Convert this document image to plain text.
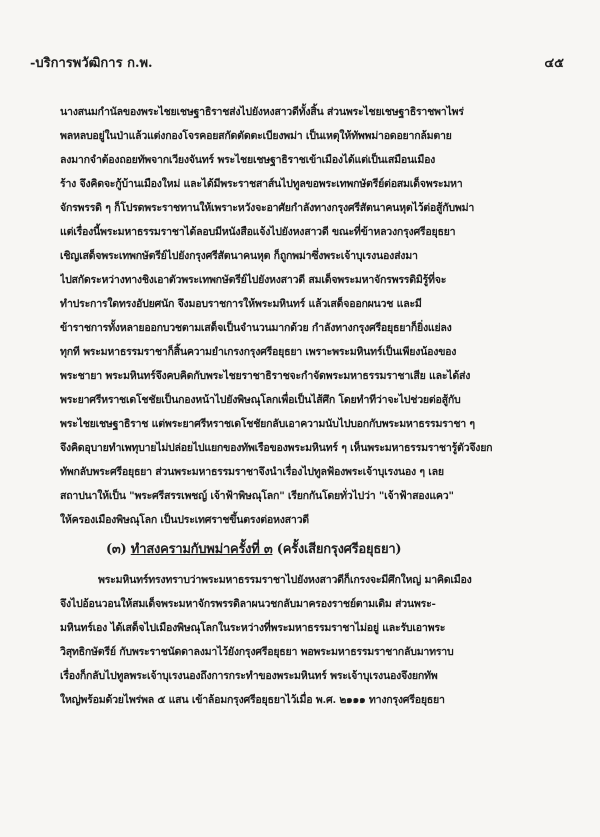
-บริการพวัฒิการ ก.พ.	๔๕
นางสนมกำนัลของพระไชยเชษฐาธิราชส่งไปยังหงสาวดีทั้งสิ้น ส่วนพระไชยเชษฐาธิราชพาไพร่
พลหลบอยู่ในป่าแล้วแต่งกองโจรคอยสกัดตัดตะเบียงพม่า เป็นเหตุให้ทัพพม่าอดอยากล้มตาย
ลงมากจำต้องถอยทัพจากเวียงจันทร์ พระไชยเชษฐาธิราชเข้าเมืองได้แต่เป็นเสมือนเมือง
ร้าง จึงคิดจะกู้บ้านเมืองใหม่ และได้มีพระราชสาส์นไปทูลขอพระเทพกษัตรีย์ต่อสมเด็จพระมหา
จักรพรรดิ ๆ ก็โปรดพระราชทานให้เพราะหวังจะอาศัยกำลังทางกรุงศรีสัตนาคนหุตไว้ต่อสู้กับพม่า
แต่เรื่องนี้พระมหาธรรมราชาได้ลอบมีหนังสือแจ้งไปยังหงสาวดี ขณะที่ข้าหลวงกรุงศรีอยุธยา
เชิญเสด็จพระเทพกษัตรีย์ไปยังกรุงศรีสัตนาคนหุต ก็ถูกพม่าซึ่งพระเจ้าบุเรงนองส่งมา
ไปสกัดระหว่างทางชิงเอาตัวพระเทพกษัตรีย์ไปยังหงสาวดี สมเด็จพระมหาจักรพรรดิมิรู้ที่จะ
ทำประการใดทรงอัปยศนัก จึงมอบราชการให้พระมหินทร์ แล้วเสด็จออกผนวช และมี
ข้าราชการทั้งหลายออกบวชตามเสด็จเป็นจำนวนมากด้วย กำลังทางกรุงศรีอยุธยาก็ยิ่งแย่ลง
ทุกที พระมหาธรรมราชาก็สิ้นความยำเกรงกรุงศรีอยุธยา เพราะพระมหินทร์เป็นเพียงน้องของ
พระชายา พระมหินทร์จึงคบคิดกับพระไชยราชาธิราชจะกำจัดพระมหาธรรมราชาเสีย และได้ส่ง
พระยาศรีหราชเดโชชัยเป็นกองหน้าไปยังพิษณุโลกเพื่อเป็นไส้ศึก โดยทำทีว่าจะไปช่วยต่อสู้กับ
พระไชยเชษฐาธิราช แต่พระยาศรีหราชเดโชชัยกลับเอาความนับไปบอกกับพระมหาธรรมราชา ๆ
จึงคิดอุบายทำเพทุบายไม่ปล่อยไปแยกของทัพเรือของพระมหินทร์ ๆ เห็นพระมหาธรรมราชารู้ตัวจึงยก
ทัพกลับพระศรีอยุธยา ส่วนพระมหาธรรมราชาจึงนำเรื่องไปทูลฟ้องพระเจ้าบุเรงนอง ๆ เลย
สถาปนาให้เป็น "พระศรีสรรเพชญ์ เจ้าฟ้าพิษณุโลก" เรียกกันโดยทั่วไปว่า "เจ้าฟ้าสองแคว"
ให้ครองเมืองพิษณุโลก เป็นประเทศราชขึ้นตรงต่อหงสาวดี
(๓) ทำสงครามกับพม่าครั้งที่ ๓ (ครั้งเสียกรุงศรีอยุธยา)
พระมหินทร์ทรงทราบว่าพระมหาธรรมราชาไปยังหงสาวดีก็เกรงจะมีศึกใหญ่ มาคิดเมือง
จึงไปอ้อนวอนให้สมเด็จพระมหาจักรพรรดิลาผนวชกลับมาครองราชย์ตามเดิม ส่วนพระ-
มหินทร์เอง ได้เสด็จไปเมืองพิษณุโลกในระหว่างที่พระมหาธรรมราชาไม่อยู่ และรับเอาพระ
วิสุทธิกษัตรีย์ กับพระราชนัดดาลงมาไว้ยังกรุงศรีอยุธยา พอพระมหาธรรมราชากลับมาทราบ
เรื่องก็กลับไปทูลพระเจ้าบุเรงนองถึงการกระทำของพระมหินทร์ พระเจ้าบุเรงนองจึงยกทัพ
ใหญ่พร้อมด้วยไพร่พล ๕ แสน เข้าล้อมกรุงศรีอยุธยาไว้เมื่อ พ.ศ. ๒๑๑๑ ทางกรุงศรีอยุธยา
